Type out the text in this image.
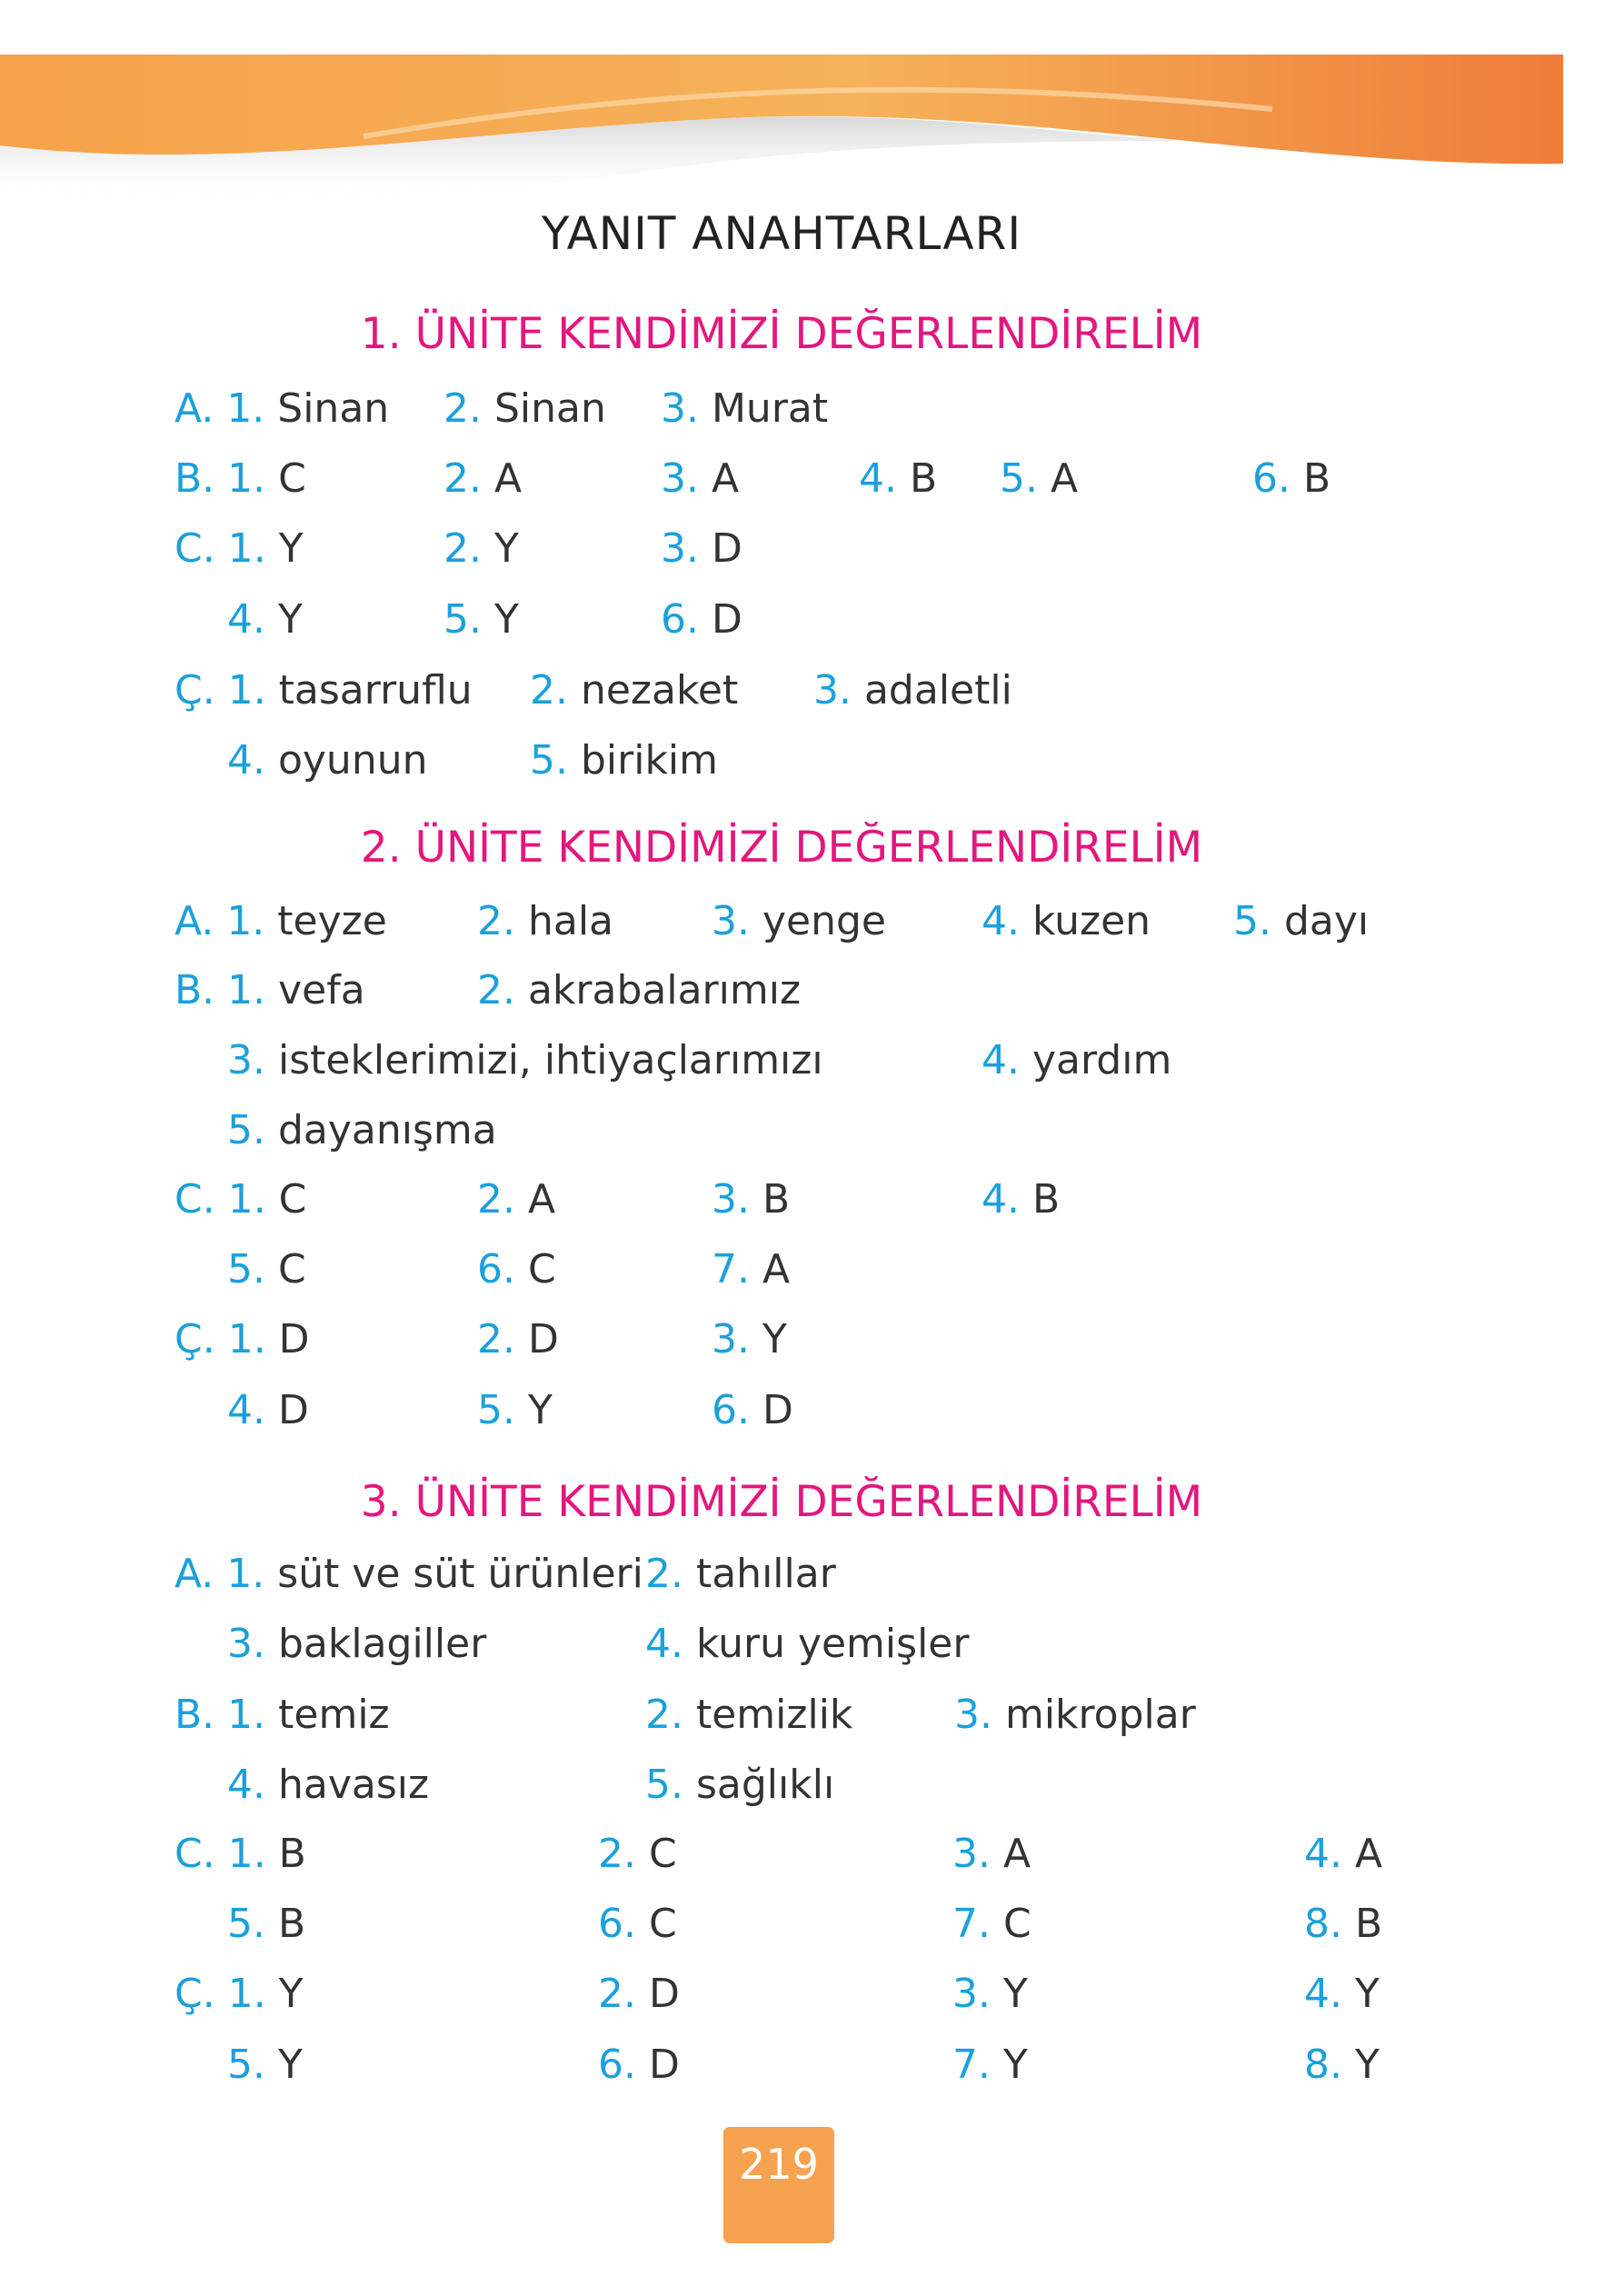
YANIT ANAHTARLARI
1. ÜNİTE KENDİMİZİ DEĞERLENDİRELİM
2. ÜNİTE KENDİMİZİ DEĞERLENDİRELİM
3. ÜNİTE KENDİMİZİ DEĞERLENDİRELİM
A. 1. Sinan 2. Sinan 3. Murat
B. 1. C	2. A	3. A	4. B 5. A	6. B
C. 1. Y	2. Y	3. D
4. Y	5. Y	6. D
Ç. 1. tasarruflu 2. nezaket 3. adaletli
4. oyunun	5. birikim
A. 1. teyze 2. hala 3. yenge 4. kuzen 5. dayı
B. 1. vefa	2. akrabalarımız
3. isteklerimizi, ihtiyaçlarımızı	4. yardım
5. dayanışma
C. 1. C	2. A	3. B	4. B
5. C	6. C	7. A
Ç. 1. D	2. D	3. Y
4. D	5. Y	6. D
A. 1. süt ve süt ürünleri 2. tahıllar
3. baklagiller	4. kuru yemişler
B. 1. temiz	2. temizlik	3. mikroplar
4. havasız	5. sağlıklı
C. 1. B	2. C	3. A	4. A
5. B	6. C	7. C	8. B
Ç. 1. Y	2. D	3. Y	4. Y
5. Y	6. D	7. Y	8. Y
219
